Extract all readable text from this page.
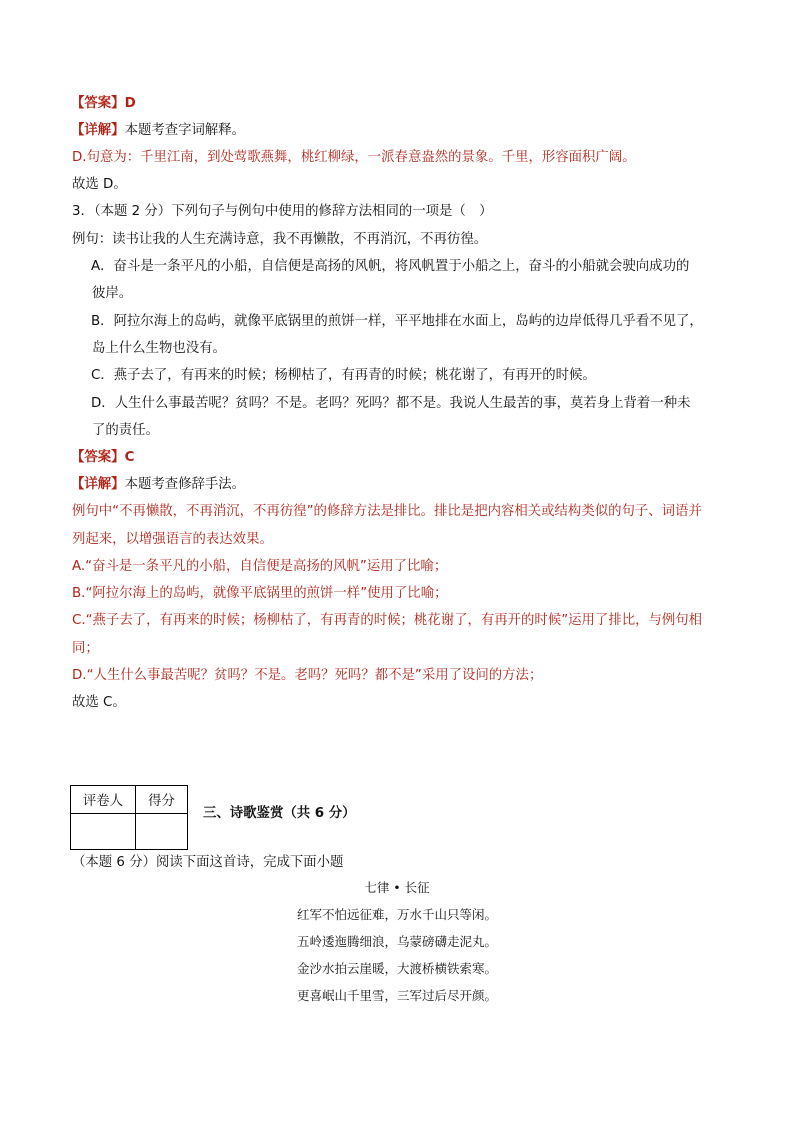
【答案】D
【详解】本题考查字词解释。
D.句意为：千里江南，到处莺歌燕舞，桃红柳绿，一派春意盎然的景象。千里，形容面积广阔。
故选 D。
3．（本题 2 分）下列句子与例句中使用的修辞方法相同的一项是（　）
例句：读书让我的人生充满诗意，我不再懒散，不再消沉，不再彷徨。
A．奋斗是一条平凡的小船，自信便是高扬的风帆，将风帆置于小船之上，奋斗的小船就会驶向成功的
彼岸。
B．阿拉尔海上的岛屿，就像平底锅里的煎饼一样，平平地排在水面上，岛屿的边岸低得几乎看不见了，
岛上什么生物也没有。
C．燕子去了，有再来的时候；杨柳枯了，有再青的时候；桃花谢了，有再开的时候。
D．人生什么事最苦呢？贫吗？不是。老吗？死吗？都不是。我说人生最苦的事，莫若身上背着一种未
了的责任。
【答案】C
【详解】本题考查修辞手法。
例句中“不再懒散，不再消沉，不再彷徨”的修辞方法是排比。排比是把内容相关或结构类似的句子、词语并
列起来，以增强语言的表达效果。
A.“奋斗是一条平凡的小船，自信便是高扬的风帆”运用了比喻；
B.“阿拉尔海上的岛屿，就像平底锅里的煎饼一样”使用了比喻；
C.“燕子去了，有再来的时候；杨柳枯了，有再青的时候；桃花谢了，有再开的时候”运用了排比，与例句相
同；
D.“人生什么事最苦呢？贫吗？不是。老吗？死吗？都不是”采用了设问的方法；
故选 C。
评卷人	得分

三、诗歌鉴赏（共 6 分）
（本题 6 分）阅读下面这首诗，完成下面小题
七律 • 长征
红军不怕远征难，万水千山只等闲。
五岭逶迤腾细浪，乌蒙磅礴走泥丸。
金沙水拍云崖暖，大渡桥横铁索寒。
更喜岷山千里雪，三军过后尽开颜。
